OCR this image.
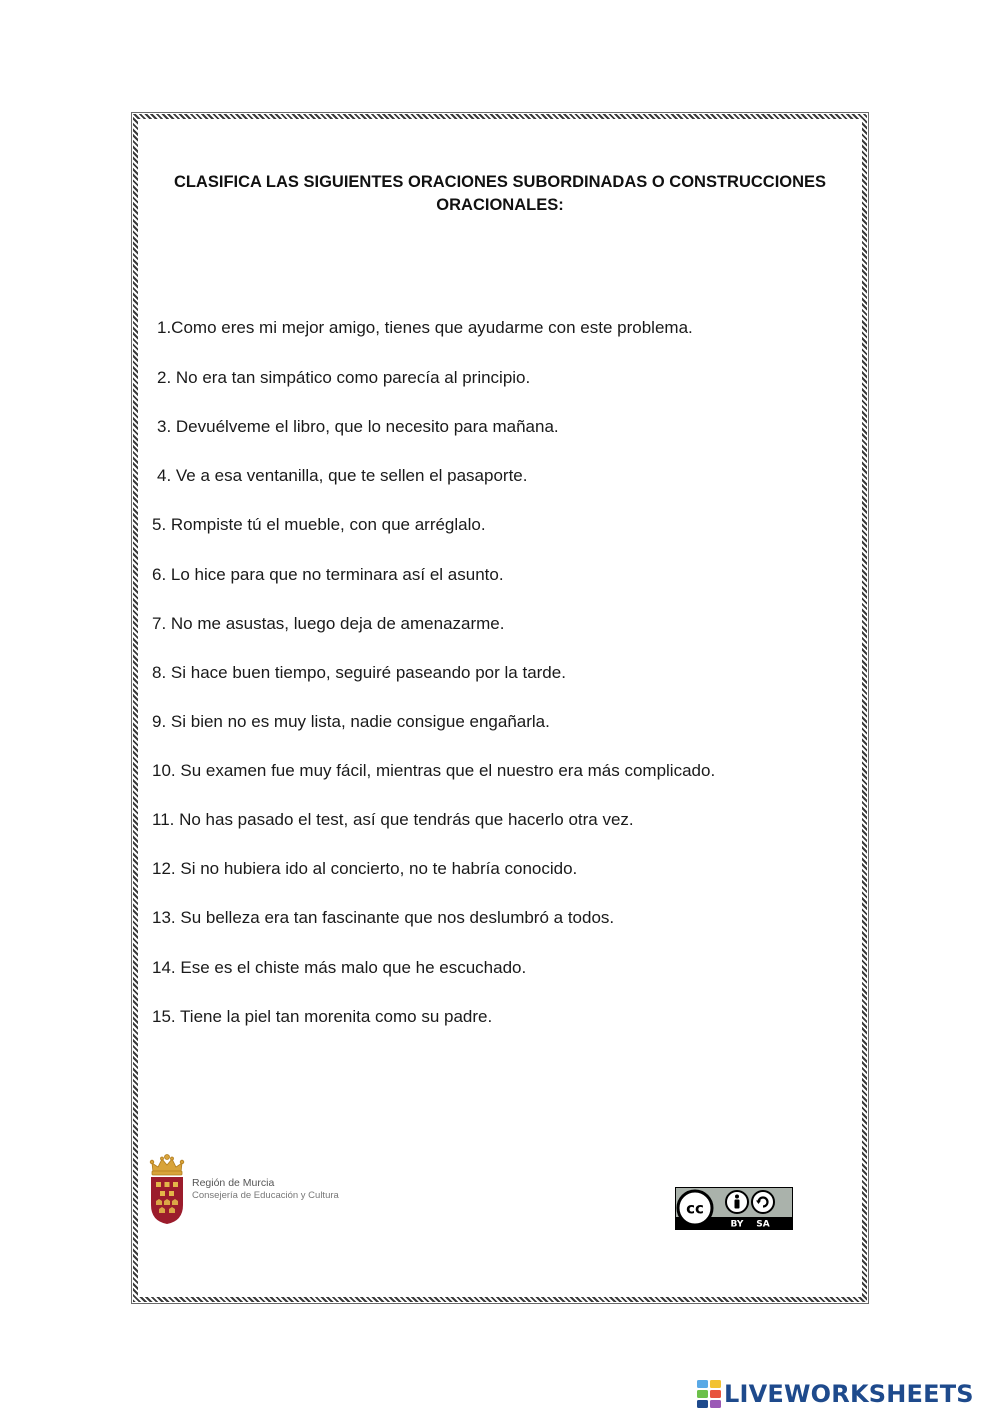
CLASIFICA LAS SIGUIENTES ORACIONES SUBORDINADAS O CONSTRUCCIONES ORACIONALES:
1.Como eres mi mejor amigo, tienes que ayudarme con este problema.
2. No era tan simpático como parecía al principio.
3. Devuélveme el libro, que lo necesito para mañana.
4. Ve a esa ventanilla, que te sellen el pasaporte.
5. Rompiste tú el mueble, con que arréglalo.
6. Lo hice para que no terminara así el asunto.
7. No me asustas, luego deja de amenazarme.
8. Si hace buen tiempo, seguiré paseando por la tarde.
9. Si bien no es muy lista, nadie consigue engañarla.
10. Su examen fue muy fácil, mientras que el nuestro era más complicado.
11. No has pasado el test, así que tendrás que hacerlo otra vez.
12. Si no hubiera ido al concierto, no te habría conocido.
13. Su belleza era tan fascinante que nos deslumbró a todos.
14. Ese es el chiste más malo que he escuchado.
15. Tiene la piel tan morenita como su padre.
Región de Murcia
Consejería de Educación y Cultura
cc
BY SA
LIVEWORKSHEETS
